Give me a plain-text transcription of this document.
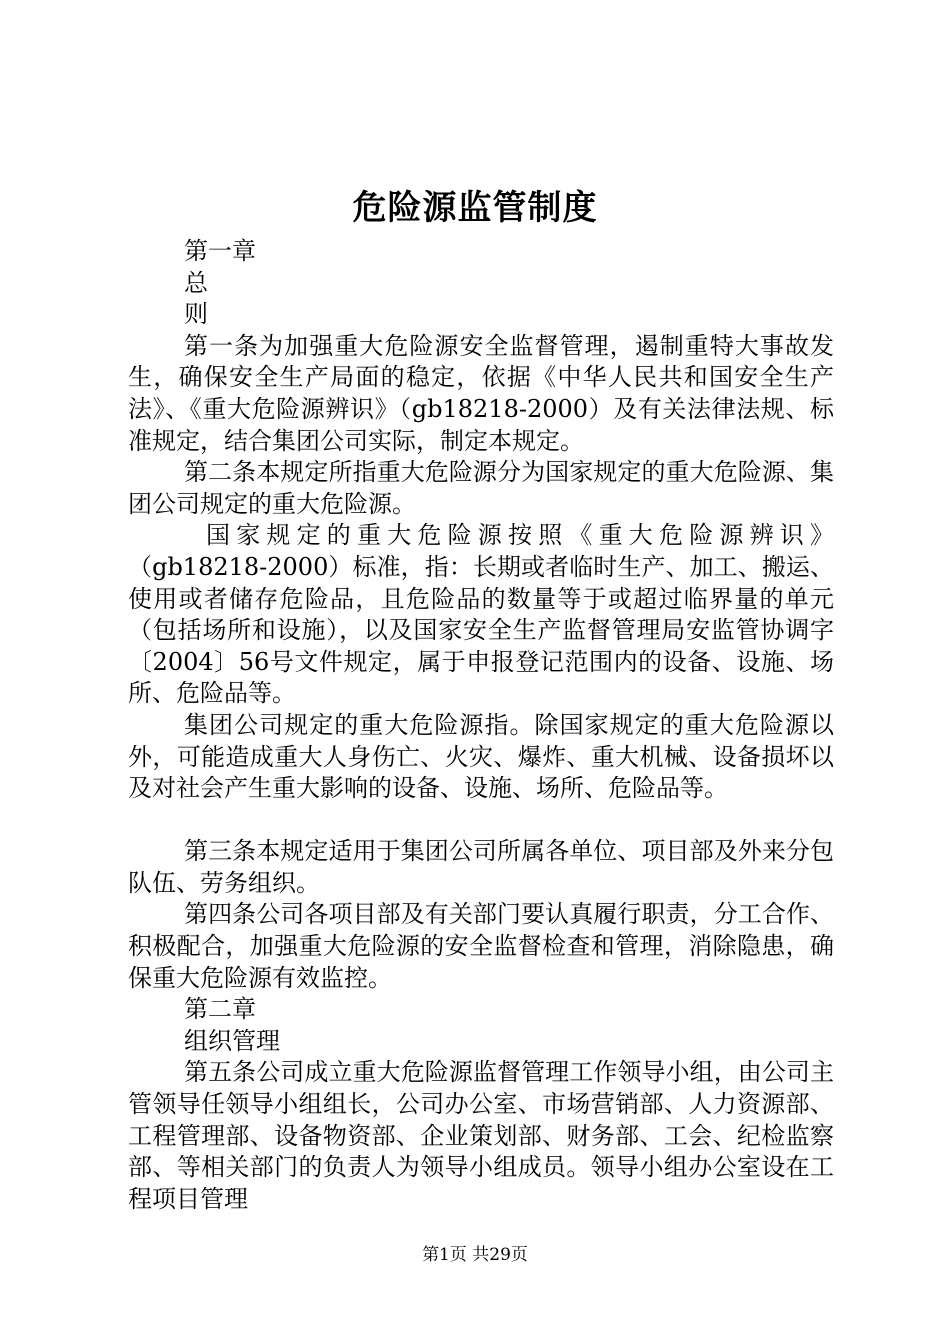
危险源监管制度

第一章

总

则

第一条为加强重大危险源安全监督管理，遏制重特大事故发生，确保安全生产局面的稳定，依据《中华人民共和国安全生产法》、《重大危险源辨识》（gb18218-2000）及有关法律法规、标准规定，结合集团公司实际，制定本规定。

第二条本规定所指重大危险源分为国家规定的重大危险源、集团公司规定的重大危险源。

国家规定的重大危险源按照《重大危险源辨识》（gb18218-2000）标准，指：长期或者临时生产、加工、搬运、使用或者储存危险品，且危险品的数量等于或超过临界量的单元（包括场所和设施），以及国家安全生产监督管理局安监管协调字〔2004〕56号文件规定，属于申报登记范围内的设备、设施、场所、危险品等。

集团公司规定的重大危险源指。除国家规定的重大危险源以外，可能造成重大人身伤亡、火灾、爆炸、重大机械、设备损坏以及对社会产生重大影响的设备、设施、场所、危险品等。

第三条本规定适用于集团公司所属各单位、项目部及外来分包队伍、劳务组织。

第四条公司各项目部及有关部门要认真履行职责，分工合作、积极配合，加强重大危险源的安全监督检查和管理，消除隐患，确保重大危险源有效监控。

第二章

组织管理

第五条公司成立重大危险源监督管理工作领导小组，由公司主管领导任领导小组组长，公司办公室、市场营销部、人力资源部、工程管理部、设备物资部、企业策划部、财务部、工会、纪检监察部、等相关部门的负责人为领导小组成员。领导小组办公室设在工程项目管理

第1页 共29页
